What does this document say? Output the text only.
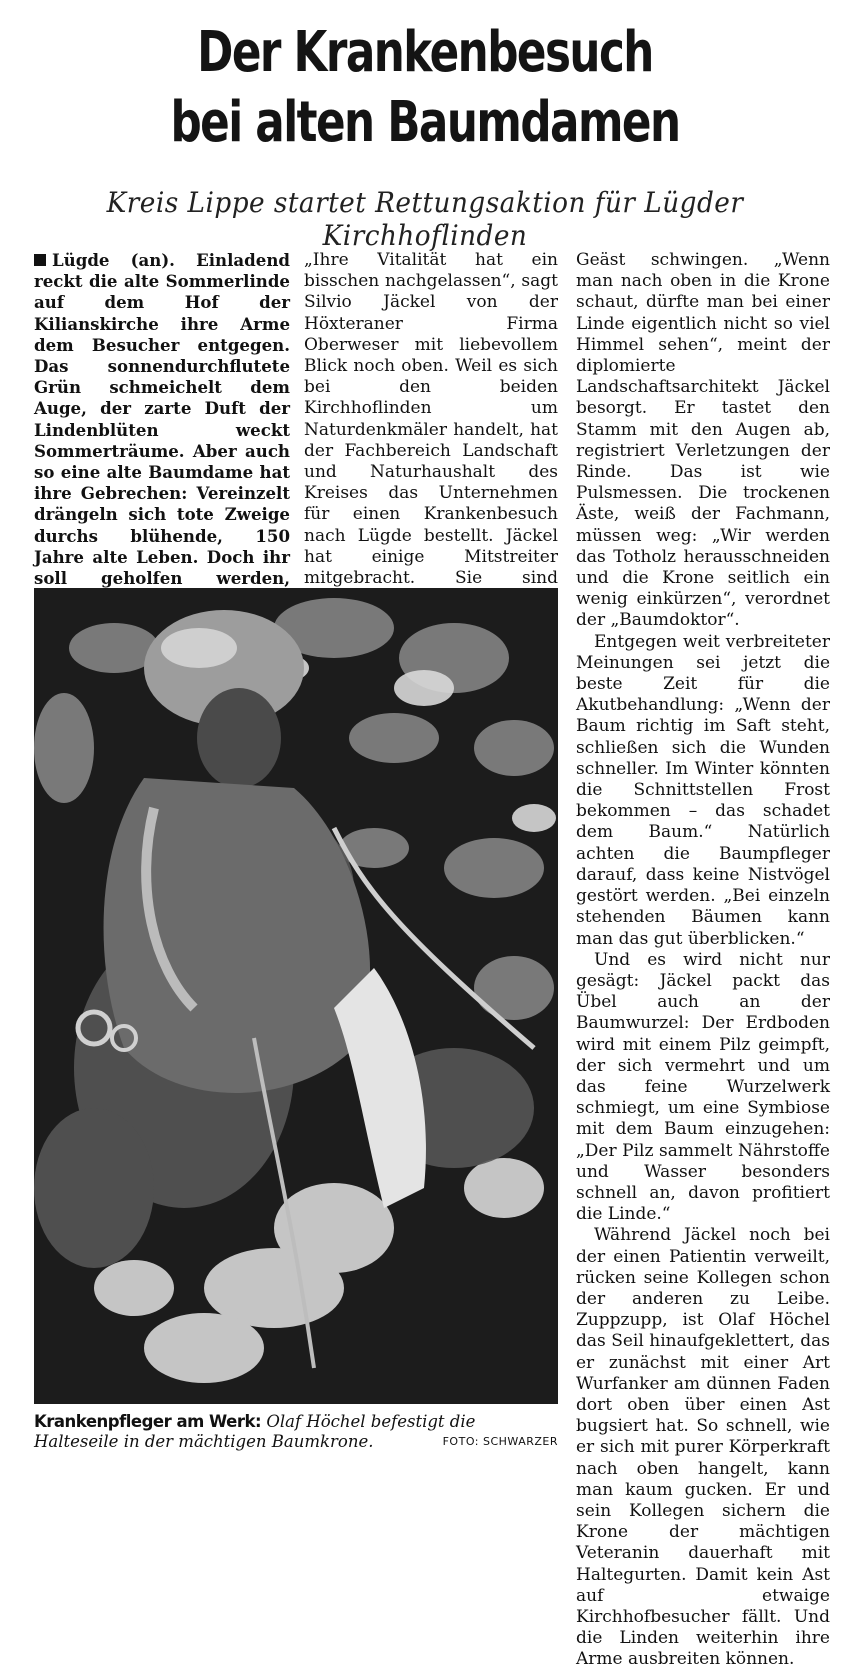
Der Krankenbesuch
bei alten Baumdamen
Kreis Lippe startet Rettungsaktion für Lügder Kirchhoflinden

Lügde (an). Einladend reckt die alte Sommerlinde auf dem Hof der Kilianskirche ihre Arme dem Besucher entgegen. Das sonnendurchflutete Grün schmeichelt dem Auge, der zarte Duft der Lindenblüten weckt Sommerträume. Aber auch so eine alte Baumdame hat ihre Gebrechen: Vereinzelt drängeln sich tote Zweige durchs blühende, 150 Jahre alte Leben. Doch ihr soll geholfen werden,

„Ihre Vitalität hat ein bisschen nachgelassen“, sagt Silvio Jäckel von der Höxteraner Firma Oberweser mit liebevollem Blick noch oben. Weil es sich bei den beiden Kirchhoflinden um Naturdenkmäler handelt, hat der Fachbereich Landschaft und Naturhaushalt des Kreises das Unternehmen für einen Krankenbesuch nach Lügde bestellt. Jäckel hat einige Mitstreiter mitgebracht. Sie sind

Geäst schwingen. „Wenn man nach oben in die Krone schaut, dürfte man bei einer Linde eigentlich nicht so viel Himmel sehen“, meint der diplomierte Landschaftsarchitekt Jäckel besorgt. Er tastet den Stamm mit den Augen ab, registriert Verletzungen der Rinde. Das ist wie Pulsmessen. Die trockenen Äste, weiß der Fachmann, müssen weg: „Wir werden das Totholz herausschneiden und die Krone seitlich ein wenig einkürzen“, verordnet der „Baumdoktor“.

Entgegen weit verbreiteter Meinungen sei jetzt die beste Zeit für die Akutbehandlung: „Wenn der Baum richtig im Saft steht, schließen sich die Wunden schneller. Im Winter könnten die Schnittstellen Frost bekommen – das schadet dem Baum.“ Natürlich achten die Baumpfleger darauf, dass keine Nistvögel gestört werden. „Bei einzeln stehenden Bäumen kann man das gut überblicken.“

Und es wird nicht nur gesägt: Jäckel packt das Übel auch an der Baumwurzel: Der Erdboden wird mit einem Pilz geimpft, der sich vermehrt und um das feine Wurzelwerk schmiegt, um eine Symbiose mit dem Baum einzugehen: „Der Pilz sammelt Nährstoffe und Wasser besonders schnell an, davon profitiert die Linde.“

Während Jäckel noch bei der einen Patientin verweilt, rücken seine Kollegen schon der anderen zu Leibe. Zuppzupp, ist Olaf Höchel das Seil hinaufgeklettert, das er zunächst mit einer Art Wurfanker am dünnen Faden dort oben über einen Ast bugsiert hat. So schnell, wie er sich mit purer Körperkraft nach oben hangelt, kann man kaum gucken. Er und sein Kollegen sichern die Krone der mächtigen Veteranin dauerhaft mit Haltegurten. Damit kein Ast auf etwaige Kirchhofbesucher fällt. Und die Linden weiterhin ihre Arme ausbreiten können.

Krankenpfleger am Werk: Olaf Höchel befestigt die Halteseile in der mächtigen Baumkrone.	FOTO: SCHWARZER
